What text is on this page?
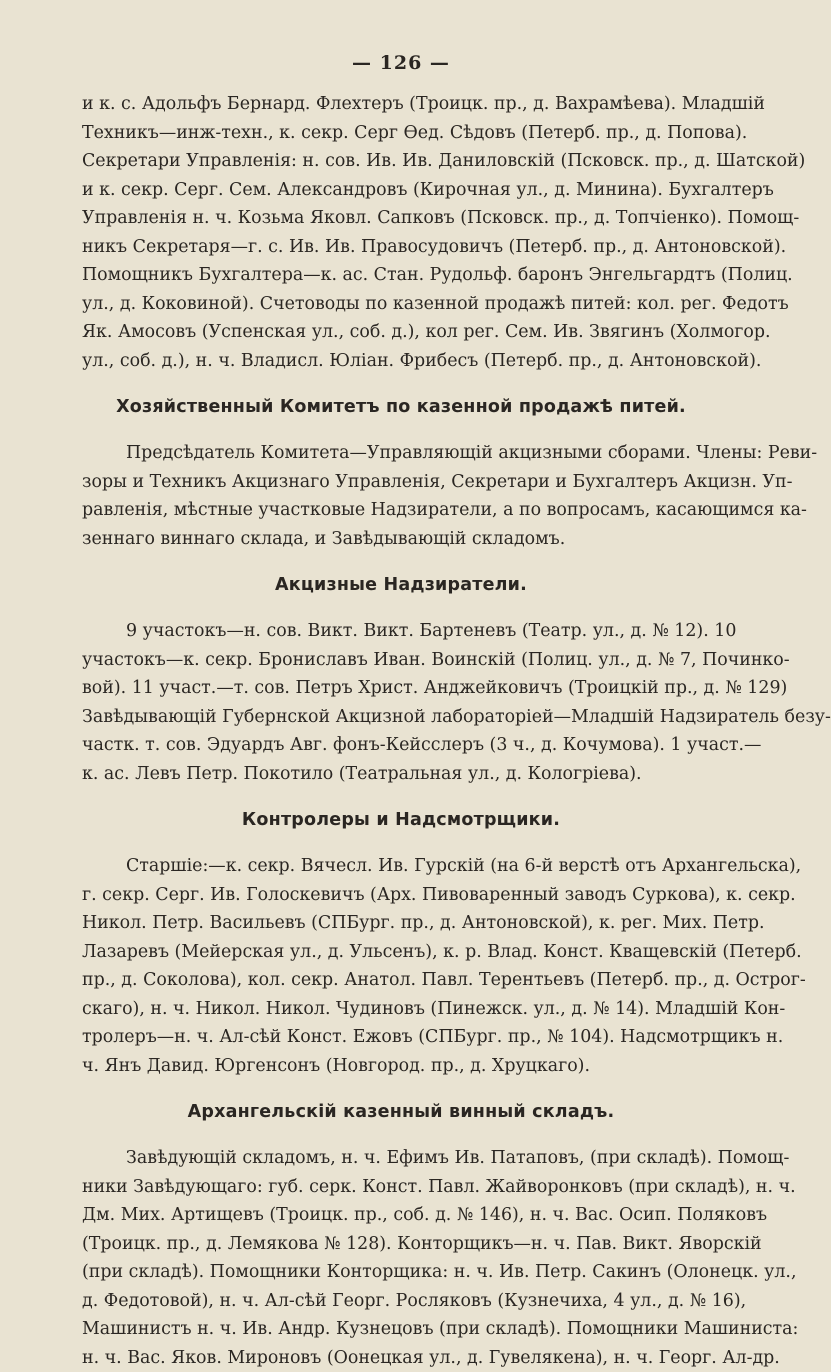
— 126 —

и к. с. Адольфъ Бернард. Флехтеръ (Троицк. пр., д. Вахрамѣева). Младшій
Техникъ—инж-техн., к. секр. Серг Ѳед. Сѣдовъ (Петерб. пр., д. Попова).
Секретари Управленія: н. сов. Ив. Ив. Даниловскій (Псковск. пр., д. Шатской)
и к. секр. Серг. Сем. Александровъ (Кирочная ул., д. Минина). Бухгалтеръ
Управленія н. ч. Козьма Яковл. Сапковъ (Псковск. пр., д. Топчіенко). Помощ-
никъ Секретаря—г. с. Ив. Ив. Правосудовичъ (Петерб. пр., д. Антоновской).
Помощникъ Бухгалтера—к. ас. Стан. Рудольф. баронъ Энгельгардтъ (Полиц.
ул., д. Коковиной). Счетоводы по казенной продажѣ питей: кол. рег. Федотъ
Як. Амосовъ (Успенская ул., соб. д.), кол рег. Сем. Ив. Звягинъ (Холмогор.
ул., соб. д.), н. ч. Владисл. Юліан. Фрибесъ (Петерб. пр., д. Антоновской).

Хозяйственный Комитетъ по казенной продажѣ питей.

Предсѣдатель Комитета—Управляющій акцизными сборами. Члены: Реви-
зоры и Техникъ Акцизнаго Управленія, Секретари и Бухгалтеръ Акцизн. Уп-
равленія, мѣстные участковые Надзиратели, а по вопросамъ, касающимся ка-
зеннаго виннаго склада, и Завѣдывающій складомъ.

Акцизные Надзиратели.

9 участокъ—н. сов. Викт. Викт. Бартеневъ (Театр. ул., д. № 12). 10
участокъ—к. секр. Брониславъ Иван. Воинскій (Полиц. ул., д. № 7, Починко-
вой). 11 участ.—т. сов. Петръ Христ. Анджейковичъ (Троицкій пр., д. № 129)
Завѣдывающій Губернской Акцизной лабораторіей—Младшій Надзиратель безу-
частк. т. сов. Эдуардъ Авг. фонъ-Кейсслеръ (3 ч., д. Кочумова). 1 участ.—
к. ас. Левъ Петр. Покотило (Театральная ул., д. Кологріева).

Контролеры и Надсмотрщики.

Старшіе:—к. секр. Вячесл. Ив. Гурскій (на 6-й верстѣ отъ Архангельска),
г. секр. Серг. Ив. Голоскевичъ (Арх. Пивоваренный заводъ Суркова), к. секр.
Никол. Петр. Васильевъ (СПБург. пр., д. Антоновской), к. рег. Мих. Петр.
Лазаревъ (Мейерская ул., д. Ульсенъ), к. р. Влад. Конст. Кващевскій (Петерб.
пр., д. Соколова), кол. секр. Анатол. Павл. Терентьевъ (Петерб. пр., д. Острог-
скаго), н. ч. Никол. Никол. Чудиновъ (Пинежск. ул., д. № 14). Младшій Кон-
тролеръ—н. ч. Ал-сѣй Конст. Ежовъ (СПБург. пр., № 104). Надсмотрщикъ н.
ч. Янъ Давид. Юргенсонъ (Новгород. пр., д. Хруцкаго).

Архангельскій казенный винный складъ.

Завѣдующій складомъ, н. ч. Ефимъ Ив. Патаповъ, (при складѣ). Помощ-
ники Завѣдующаго: губ. серк. Конст. Павл. Жайворонковъ (при складѣ), н. ч.
Дм. Мих. Артищевъ (Троицк. пр., соб. д. № 146), н. ч. Вас. Осип. Поляковъ
(Троицк. пр., д. Лемякова № 128). Конторщикъ—н. ч. Пав. Викт. Яворскій
(при складѣ). Помощники Конторщика: н. ч. Ив. Петр. Сакинъ (Олонецк. ул.,
д. Федотовой), н. ч. Ал-сѣй Георг. Росляковъ (Кузнечиха, 4 ул., д. № 16),
Машинистъ н. ч. Ив. Андр. Кузнецовъ (при складѣ). Помощники Машиниста:
н. ч. Вас. Яков. Мироновъ (Оонецкая ул., д. Гувелякена), н. ч. Георг. Ал-др.
